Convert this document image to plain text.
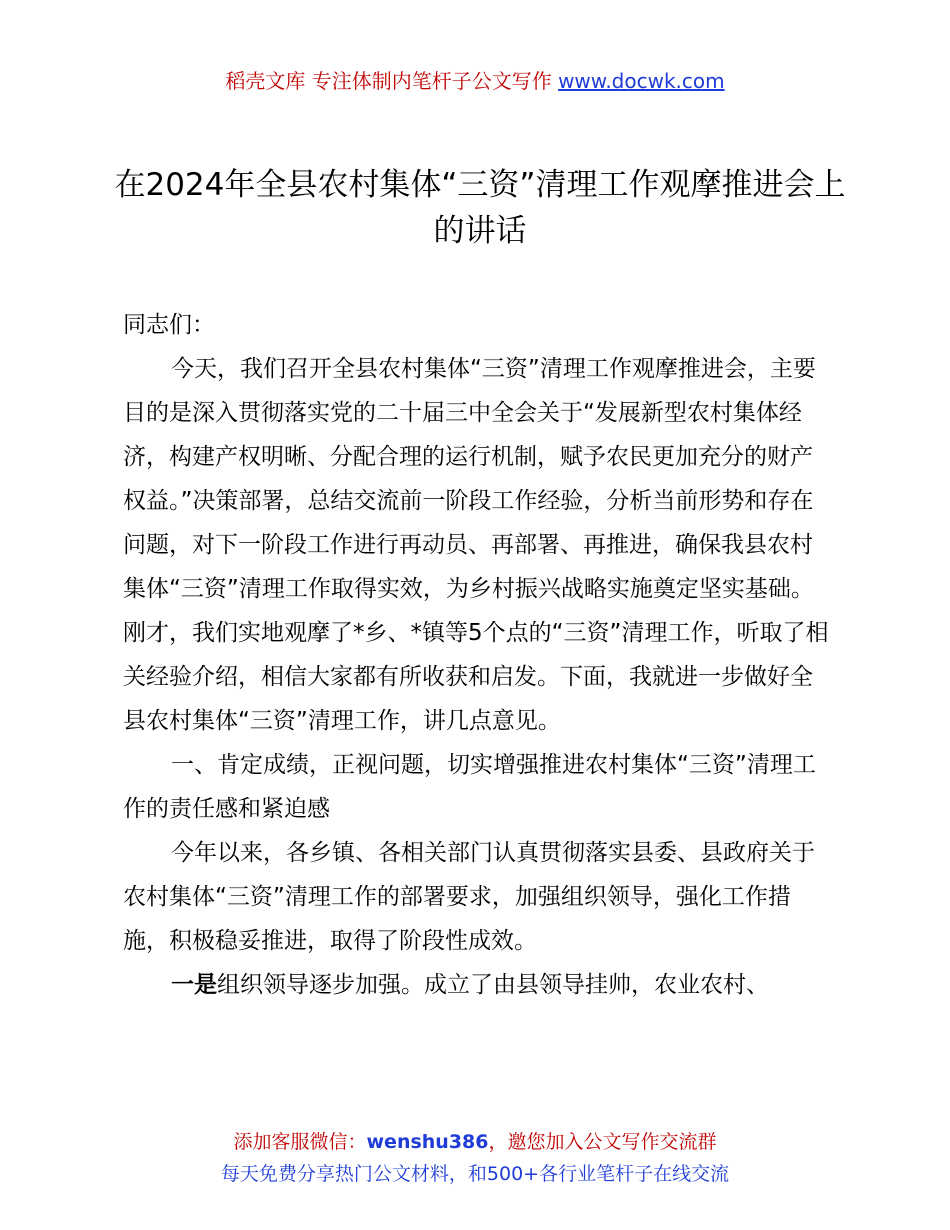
稻壳文库 专注体制内笔杆子公文写作 www.docwk.com
在2024年全县农村集体“三资”清理工作观摩推进会上的讲话

同志们：

今天，我们召开全县农村集体“三资”清理工作观摩推进会，主要目的是深入贯彻落实党的二十届三中全会关于“发展新型农村集体经济，构建产权明晰、分配合理的运行机制，赋予农民更加充分的财产权益。”决策部署，总结交流前一阶段工作经验，分析当前形势和存在问题，对下一阶段工作进行再动员、再部署、再推进，确保我县农村集体“三资”清理工作取得实效，为乡村振兴战略实施奠定坚实基础。刚才，我们实地观摩了*乡、*镇等5个点的“三资”清理工作，听取了相关经验介绍，相信大家都有所收获和启发。下面，我就进一步做好全县农村集体“三资”清理工作，讲几点意见。

一、肯定成绩，正视问题，切实增强推进农村集体“三资”清理工作的责任感和紧迫感

今年以来，各乡镇、各相关部门认真贯彻落实县委、县政府关于农村集体“三资”清理工作的部署要求，加强组织领导，强化工作措施，积极稳妥推进，取得了阶段性成效。

一是组织领导逐步加强。成立了由县领导挂帅，农业农村、

添加客服微信：wenshu386，邀您加入公文写作交流群
每天免费分享热门公文材料，和500+各行业笔杆子在线交流
